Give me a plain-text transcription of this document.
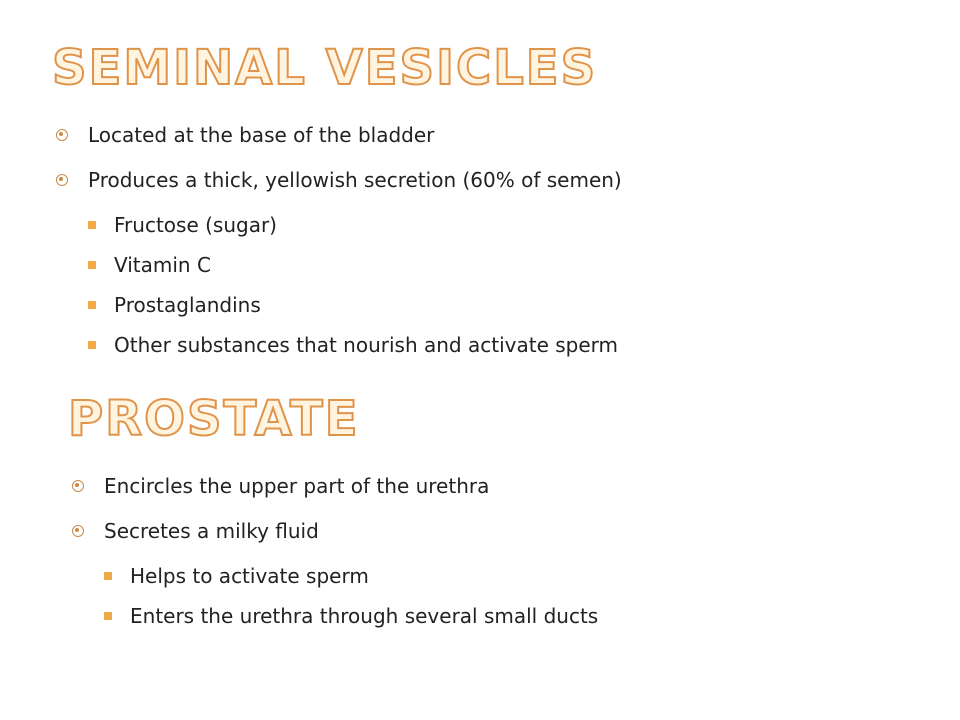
SEMINAL VESICLES
Located at the base of the bladder
Produces a thick, yellowish secretion (60% of semen)
Fructose (sugar)
Vitamin C
Prostaglandins
Other substances that nourish and activate sperm
PROSTATE
Encircles the upper part of the urethra
Secretes a milky fluid
Helps to activate sperm
Enters the urethra through several small ducts
